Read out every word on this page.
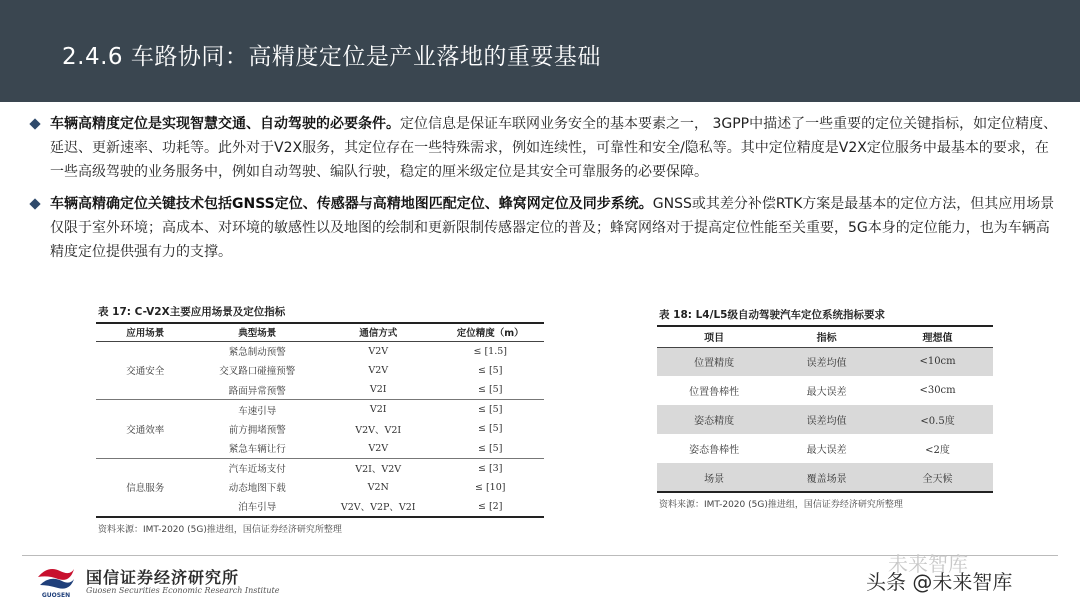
2.4.6 车路协同：高精度定位是产业落地的重要基础
车辆高精度定位是实现智慧交通、自动驾驶的必要条件。定位信息是保证车联网业务安全的基本要素之一， 3GPP中描述了一些重要的定位关键指标，如定位精度、延迟、更新速率、功耗等。此外对于V2X服务，其定位存在一些特殊需求，例如连续性，可靠性和安全/隐私等。其中定位精度是V2X定位服务中最基本的要求，在一些高级驾驶的业务服务中，例如自动驾驶、编队行驶，稳定的厘米级定位是其安全可靠服务的必要保障。
车辆高精确定位关键技术包括GNSS定位、传感器与高精地图匹配定位、蜂窝网定位及同步系统。GNSS或其差分补偿RTK方案是最基本的定位方法，但其应用场景仅限于室外环境；高成本、对环境的敏感性以及地图的绘制和更新限制传感器定位的普及；蜂窝网络对于提高定位性能至关重要，5G本身的定位能力，也为车辆高精度定位提供强有力的支撑。
表 17: C-V2X主要应用场景及定位指标
应用场景	典型场景	通信方式	定位精度（m）
交通安全	紧急制动预警	V2V	≤ [1.5]
	交叉路口碰撞预警	V2V	≤ [5]
	路面异常预警	V2I	≤ [5]
交通效率	车速引导	V2I	≤ [5]
	前方拥堵预警	V2V、V2I	≤ [5]
	紧急车辆让行	V2V	≤ [5]
信息服务	汽车近场支付	V2I、V2V	≤ [3]
	动态地图下载	V2N	≤ [10]
	泊车引导	V2V、V2P、V2I	≤ [2]
资料来源：IMT-2020 (5G)推进组，国信证券经济研究所整理
表 18: L4/L5级自动驾驶汽车定位系统指标要求
项目	指标	理想值
位置精度	误差均值	<10cm
位置鲁棒性	最大误差	<30cm
姿态精度	误差均值	<0.5度
姿态鲁棒性	最大误差	<2度
场景	覆盖场景	全天候
资料来源：IMT-2020 (5G)推进组，国信证券经济研究所整理
GUOSEN
国信证券经济研究所
Guosen Securities Economic Research Institute
未来智库
头条 @未来智库
